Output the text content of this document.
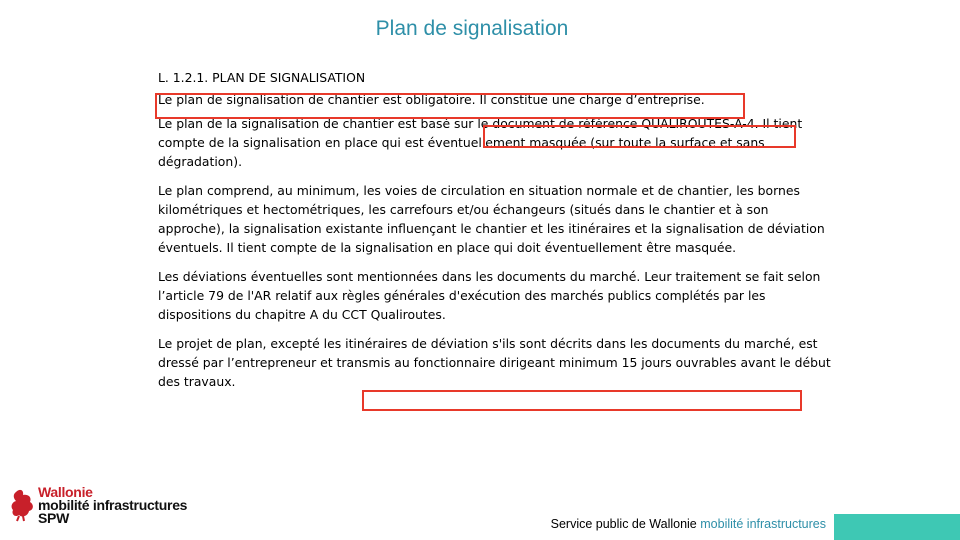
Plan de signalisation

L. 1.2.1. PLAN DE SIGNALISATION

Le plan de signalisation de chantier est obligatoire. Il constitue une charge d’entreprise.

Le plan de la signalisation de chantier est basé sur le document de référence QUALIROUTES-A-4. Il tient compte de la signalisation en place qui est éventuellement masquée (sur toute la surface et sans dégradation).

Le plan comprend, au minimum, les voies de circulation en situation normale et de chantier, les bornes kilométriques et hectométriques, les carrefours et/ou échangeurs (situés dans le chantier et à son approche), la signalisation existante influençant le chantier et les itinéraires et la signalisation de déviation éventuels. Il tient compte de la signalisation en place qui doit éventuellement être masquée.

Les déviations éventuelles sont mentionnées dans les documents du marché. Leur traitement se fait selon l’article 79 de l'AR relatif aux règles générales d'exécution des marchés publics complétés par les dispositions du chapitre A du CCT Qualiroutes.

Le projet de plan, excepté les itinéraires de déviation s'ils sont décrits dans les documents du marché, est dressé par l’entrepreneur et transmis au fonctionnaire dirigeant minimum 15 jours ouvrables avant le début des travaux.

Wallonie
mobilité infrastructures
SPW	Service public de Wallonie mobilité infrastructures
